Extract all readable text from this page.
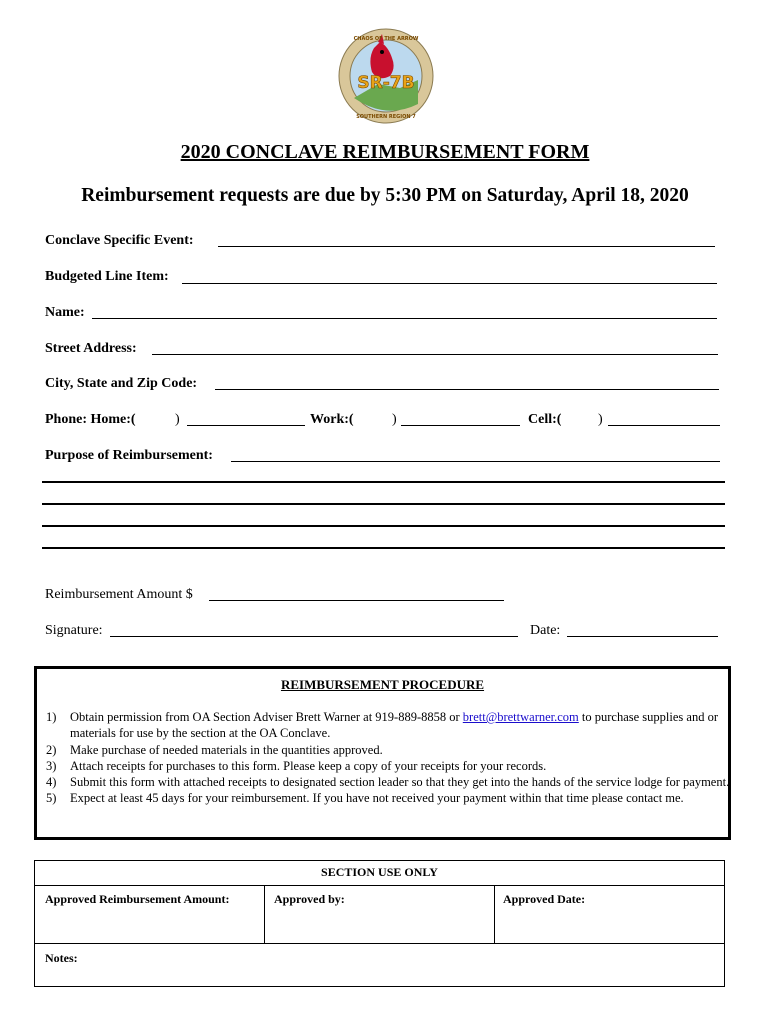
SR-7B
CHAOS OF THE ARROW
SOUTHERN REGION 7
2020 CONCLAVE REIMBURSEMENT FORM
Reimbursement requests are due by 5:30 PM on Saturday, April 18, 2020
Conclave Specific Event:
Budgeted Line Item:
Name:
Street Address:
City, State and Zip Code:
Phone: Home:(	)	Work:(	)	Cell:(	)
Purpose of Reimbursement:
Reimbursement Amount $
Signature:	Date:
REIMBURSEMENT PROCEDURE
1) Obtain permission from OA Section Adviser Brett Warner at 919-889-8858 or brett@brettwarner.com to purchase supplies and or materials for use by the section at the OA Conclave.
2) Make purchase of needed materials in the quantities approved.
3) Attach receipts for purchases to this form. Please keep a copy of your receipts for your records.
4) Submit this form with attached receipts to designated section leader so that they get into the hands of the service lodge for payment.
5) Expect at least 45 days for your reimbursement. If you have not received your payment within that time please contact me.
SECTION USE ONLY
Approved Reimbursement Amount:	Approved by:	Approved Date:
Notes:
